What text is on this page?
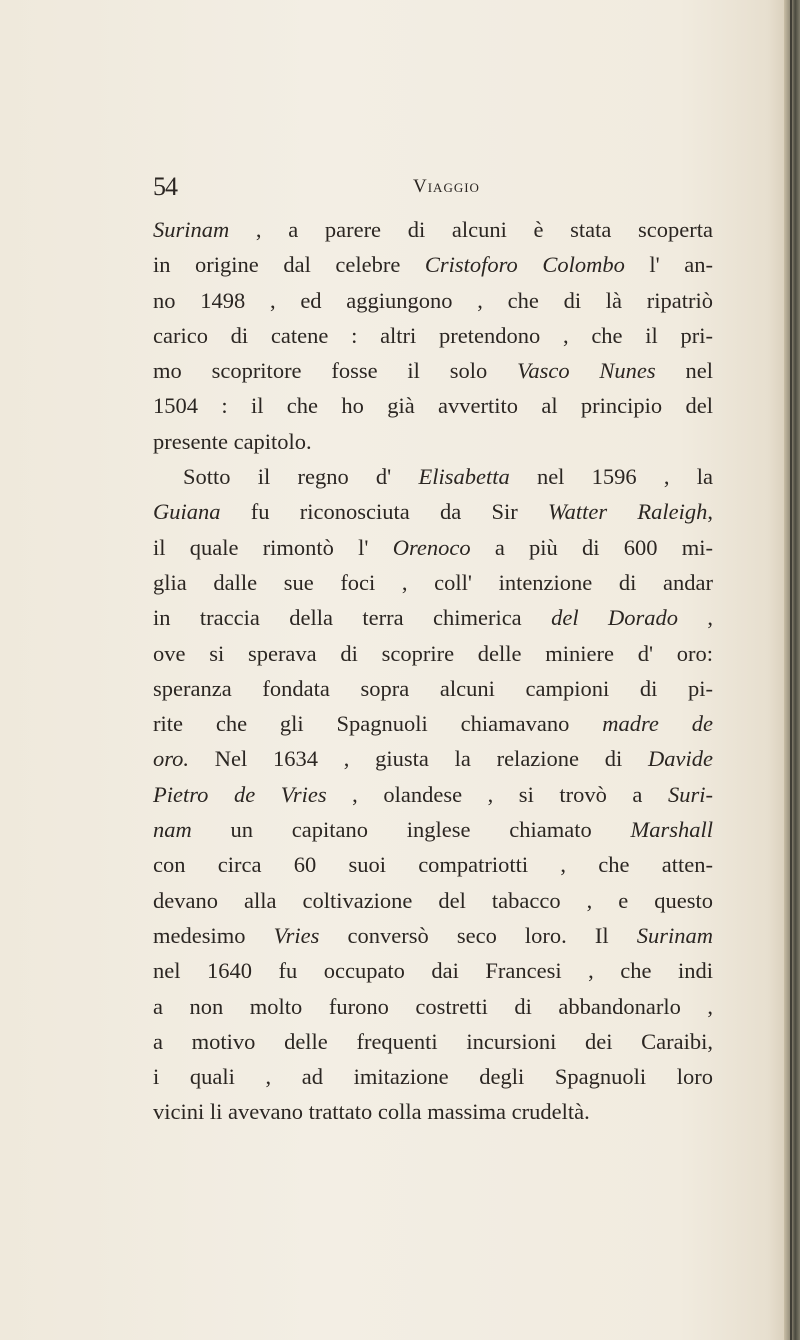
54	Viaggio
Surinam , a parere di alcuni è stata scoperta
in origine dal celebre Cristoforo Colombo l' an-
no 1498 , ed aggiungono , che di là ripatriò
carico di catene : altri pretendono , che il pri-
mo scopritore fosse il solo Vasco Nunes nel
1504 : il che ho già avvertito al principio del
presente capitolo.
Sotto il regno d' Elisabetta nel 1596 , la
Guiana fu riconosciuta da Sir Watter Raleigh,
il quale rimontò l' Orenoco a più di 600 mi-
glia dalle sue foci , coll' intenzione di andar
in traccia della terra chimerica del Dorado ,
ove si sperava di scoprire delle miniere d' oro:
speranza fondata sopra alcuni campioni di pi-
rite che gli Spagnuoli chiamavano madre de
oro. Nel 1634 , giusta la relazione di Davide
Pietro de Vries , olandese , si trovò a Suri-
nam un capitano inglese chiamato Marshall
con circa 60 suoi compatriotti , che atten-
devano alla coltivazione del tabacco , e questo
medesimo Vries conversò seco loro. Il Surinam
nel 1640 fu occupato dai Francesi , che indi
a non molto furono costretti di abbandonarlo ,
a motivo delle frequenti incursioni dei Caraibi,
i quali , ad imitazione degli Spagnuoli loro
vicini li avevano trattato colla massima crudeltà.
